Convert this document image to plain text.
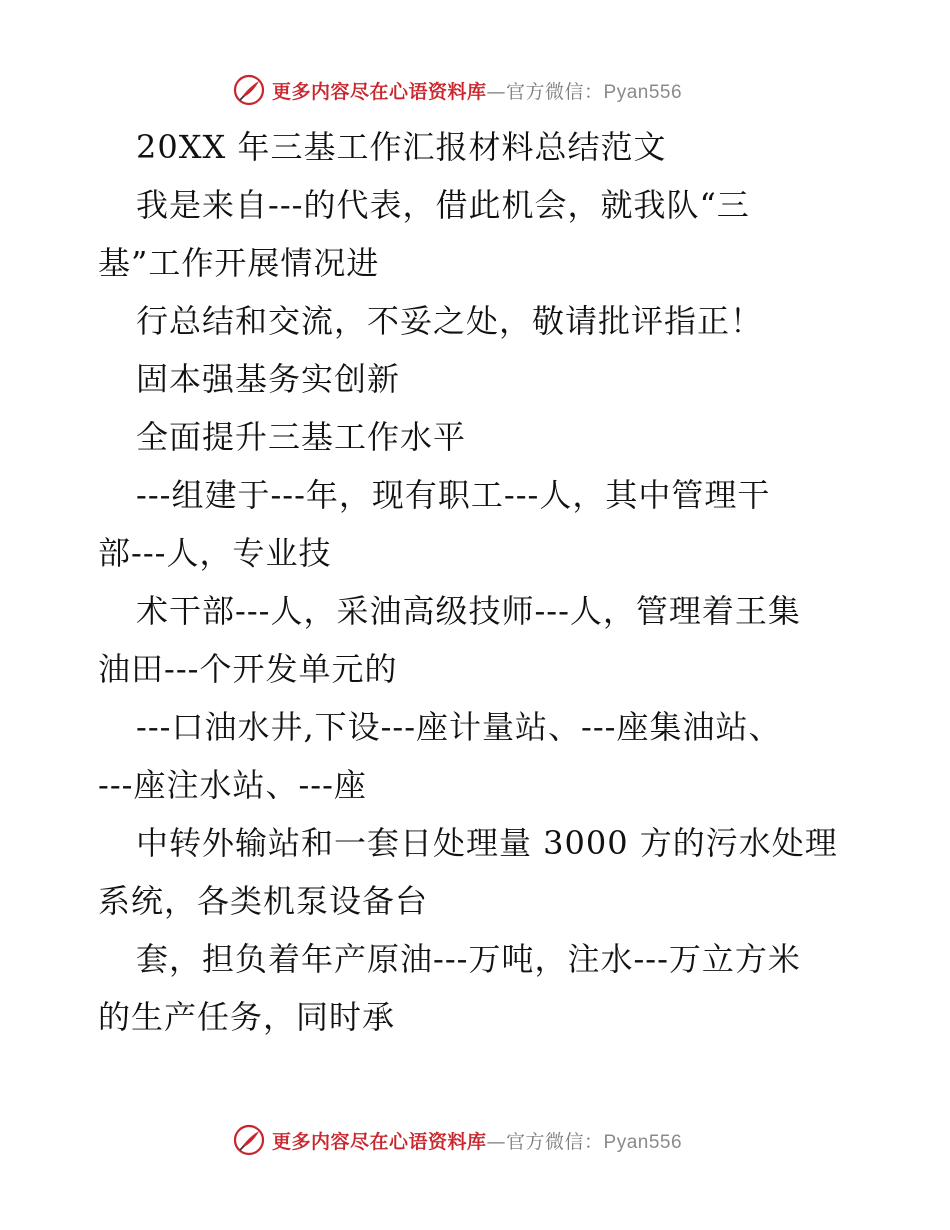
更多内容尽在心语资料库—官方微信：Pyan556
20XX 年三基工作汇报材料总结范文
我是来自---的代表，借此机会，就我队“三
基”工作开展情况进
行总结和交流，不妥之处，敬请批评指正！
固本强基务实创新
全面提升三基工作水平
---组建于---年，现有职工---人，其中管理干
部---人，专业技
术干部---人，采油高级技师---人，管理着王集
油田---个开发单元的
---口油水井,下设---座计量站、---座集油站、
---座注水站、---座
中转外输站和一套日处理量 3000 方的污水处理
系统，各类机泵设备台
套，担负着年产原油---万吨，注水---万立方米
的生产任务，同时承
更多内容尽在心语资料库—官方微信：Pyan556
